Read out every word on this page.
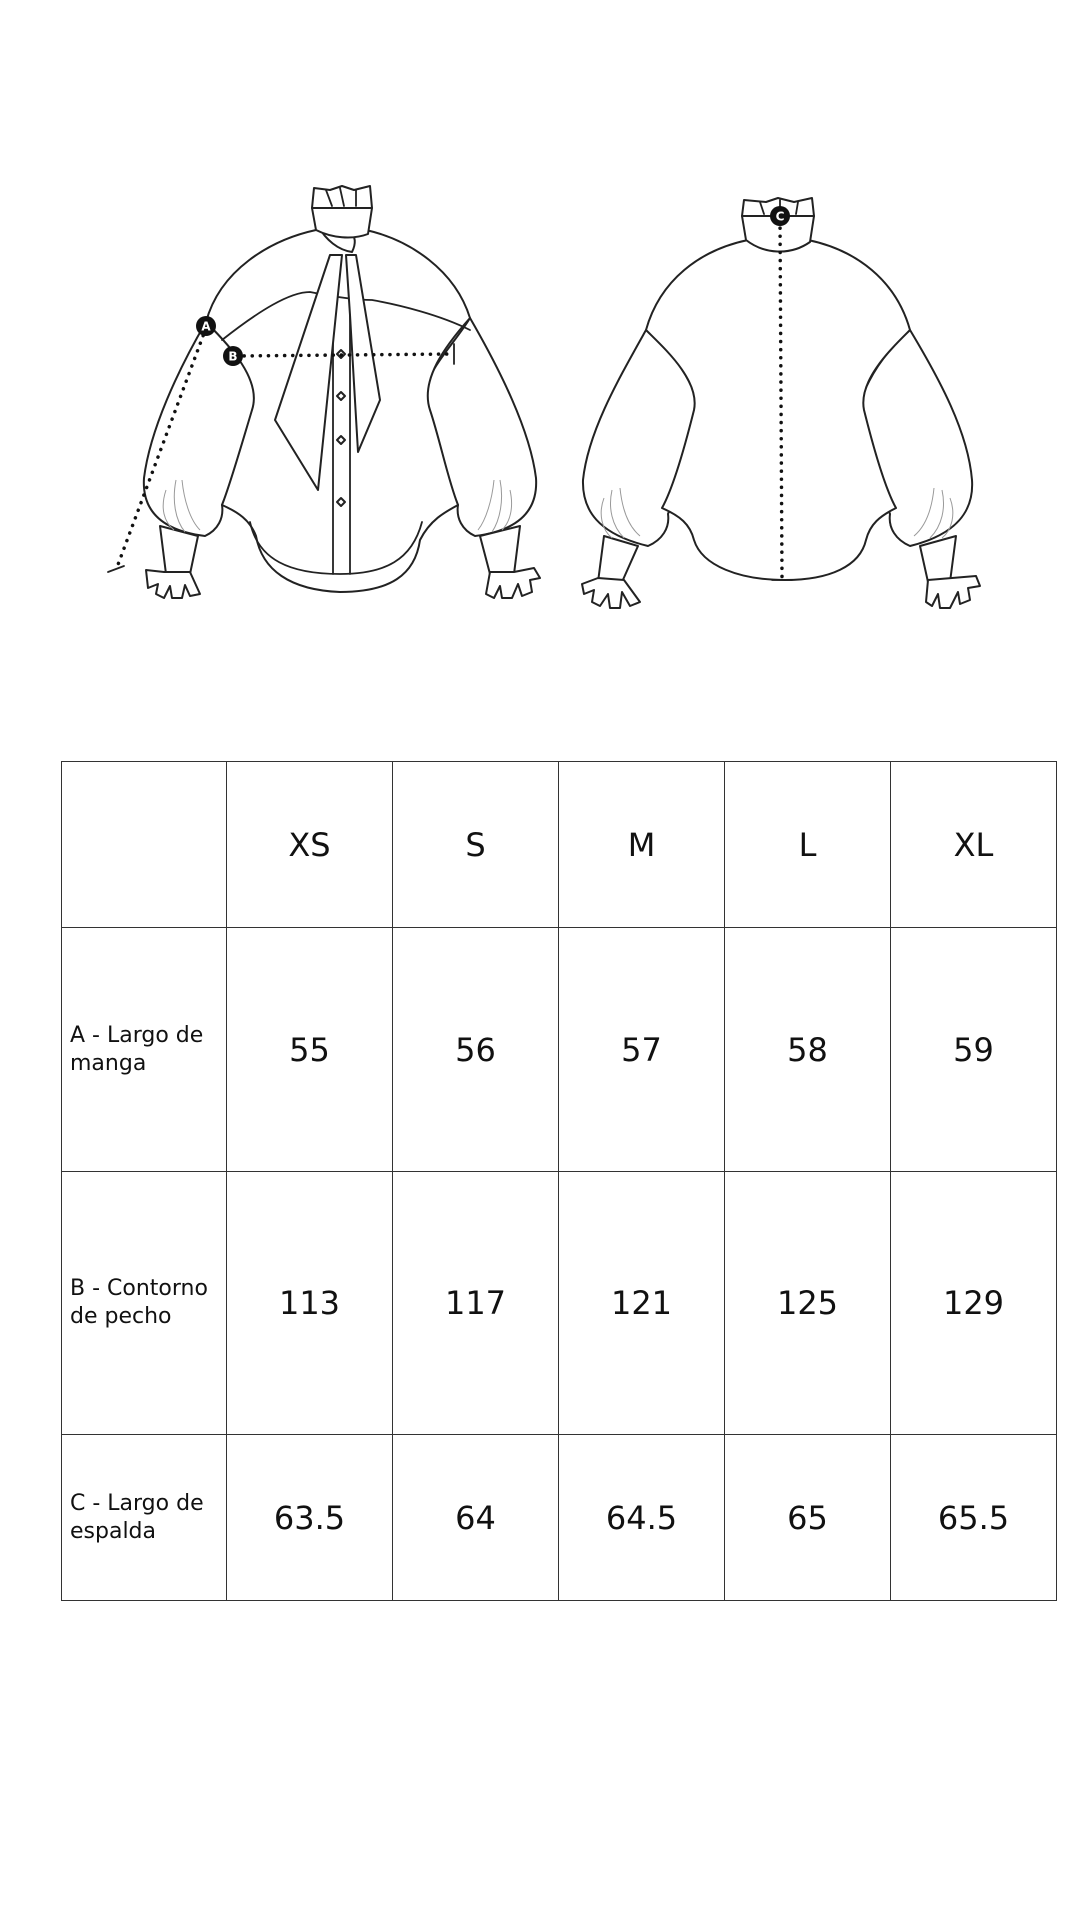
A
B
C
	XS	S	M	L	XL

A - Largo de manga	55	56	57	58	59

B - Contorno de pecho	113	117	121	125	129

C - Largo de espalda	63.5	64	64.5	65	65.5
